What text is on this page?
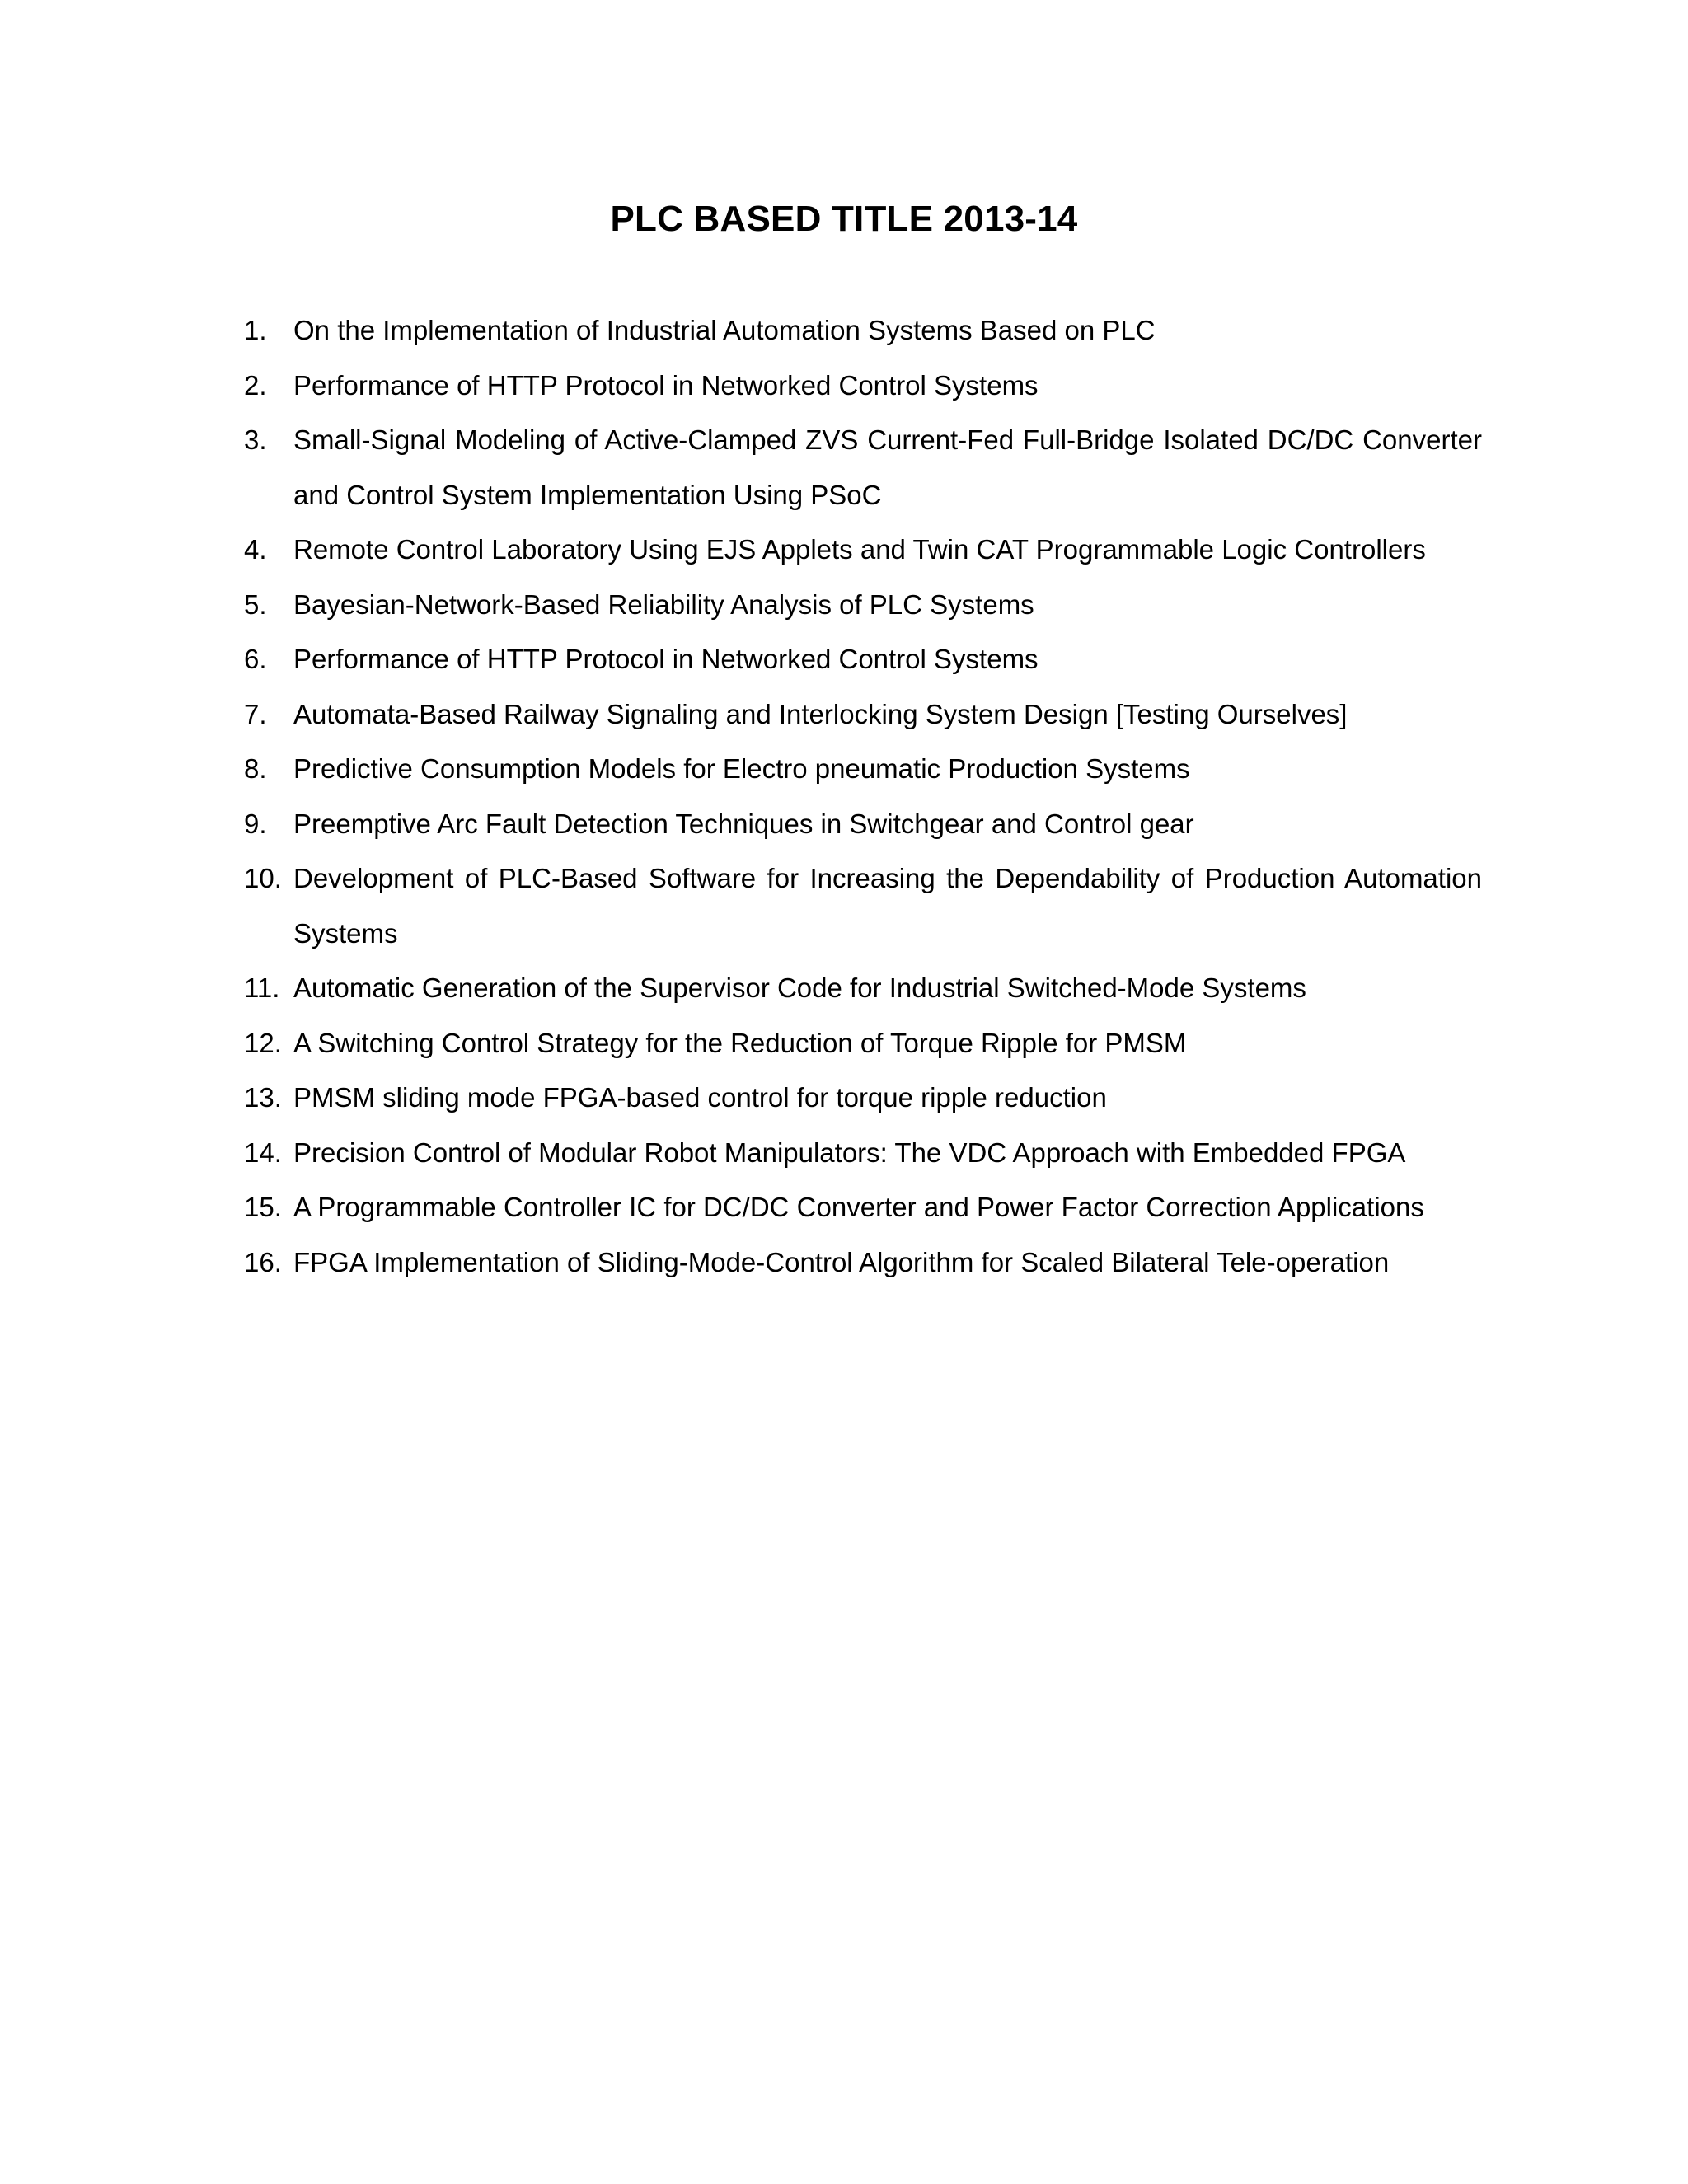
PLC BASED TITLE 2013-14
1. On the Implementation of Industrial Automation Systems Based on PLC
2. Performance of HTTP Protocol in Networked Control Systems
3. Small-Signal Modeling of Active-Clamped ZVS Current-Fed Full-Bridge Isolated DC/DC Converter and Control System Implementation Using PSoC
4. Remote Control Laboratory Using EJS Applets and Twin CAT Programmable Logic Controllers
5. Bayesian-Network-Based Reliability Analysis of PLC Systems
6. Performance of HTTP Protocol in Networked Control Systems
7. Automata-Based Railway Signaling and Interlocking System Design [Testing Ourselves]
8. Predictive Consumption Models for Electro pneumatic Production Systems
9. Preemptive Arc Fault Detection Techniques in Switchgear and Control gear
10. Development of PLC-Based Software for Increasing the Dependability of Production Automation Systems
11. Automatic Generation of the Supervisor Code for Industrial Switched-Mode Systems
12. A Switching Control Strategy for the Reduction of Torque Ripple for PMSM
13. PMSM sliding mode FPGA-based control for torque ripple reduction
14. Precision Control of Modular Robot Manipulators: The VDC Approach with Embedded FPGA
15. A Programmable Controller IC for DC/DC Converter and Power Factor Correction Applications
16. FPGA Implementation of Sliding-Mode-Control Algorithm for Scaled Bilateral Tele-operation
